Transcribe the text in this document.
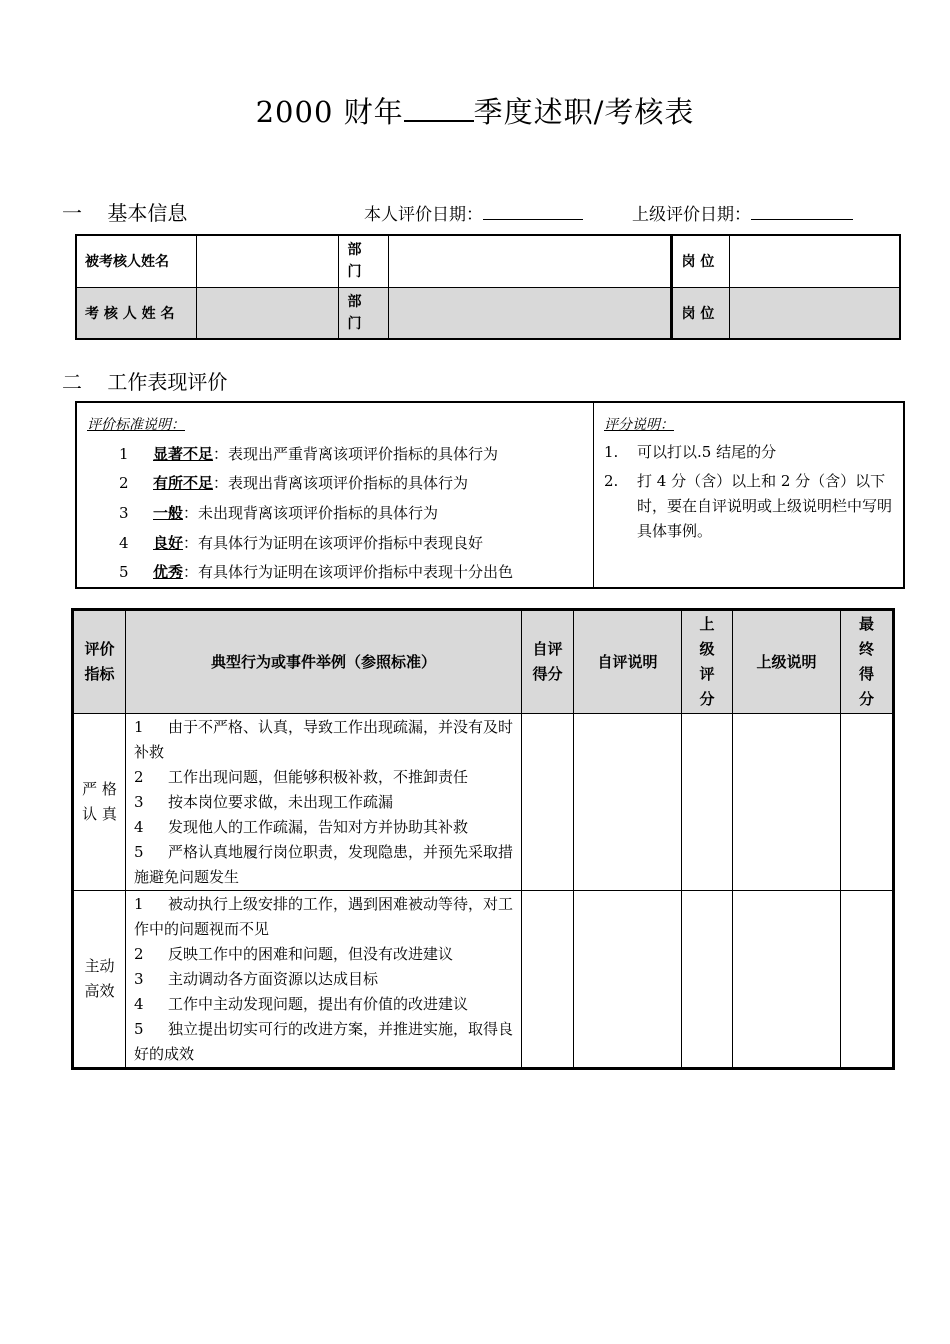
2000 财年 季度述职/考核表
一    基本信息	本人评价日期：	上级评价日期：
被考核人姓名		部门		岗 位	
考 核 人 姓 名		部门		岗 位	
二    工作表现评价
评价标准说明：
1 显著不足：表现出严重背离该项评价指标的具体行为
2 有所不足：表现出背离该项评价指标的具体行为
3 一般：未出现背离该项评价指标的具体行为
4 良好：有具体行为证明在该项评价指标中表现良好
5 优秀：有具体行为证明在该项评价指标中表现十分出色
评分说明：
1. 可以打以.5 结尾的分
2. 打 4 分（含）以上和 2 分（含）以下时，要在自评说明或上级说明栏中写明具体事例。
评价指标	典型行为或事件举例（参照标准）	自评得分	自评说明	上级评分	上级说明	最终得分
严 格 认 真	1 由于不严格、认真，导致工作出现疏漏，并没有及时补救
2 工作出现问题，但能够积极补救，不推卸责任
3 按本岗位要求做，未出现工作疏漏
4 发现他人的工作疏漏，告知对方并协助其补救
5 严格认真地履行岗位职责，发现隐患，并预先采取措施避免问题发生					

主动 高效	1 被动执行上级安排的工作，遇到困难被动等待，对工作中的问题视而不见
2 反映工作中的困难和问题，但没有改进建议
3 主动调动各方面资源以达成目标
4 工作中主动发现问题，提出有价值的改进建议
5 独立提出切实可行的改进方案，并推进实施，取得良好的成效					
